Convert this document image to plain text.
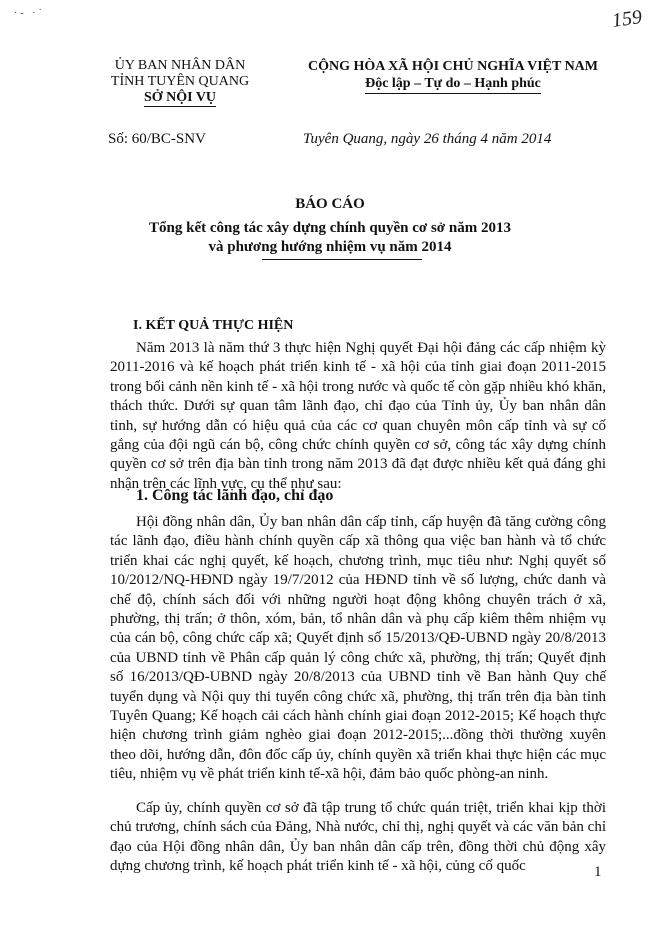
·‐ ·˙	159
ỦY BAN NHÂN DÂN
TỈNH TUYÊN QUANG
SỞ NỘI VỤ
CỘNG HÒA XÃ HỘI CHỦ NGHĨA VIỆT NAM
Độc lập – Tự do – Hạnh phúc
Số: 60/BC-SNV	Tuyên Quang, ngày 26 tháng 4 năm 2014
BÁO CÁO
Tổng kết công tác xây dựng chính quyền cơ sở năm 2013
và phương hướng nhiệm vụ năm 2014
I. KẾT QUẢ THỰC HIỆN

Năm 2013 là năm thứ 3 thực hiện Nghị quyết Đại hội đảng các cấp nhiệm kỳ 2011-2016 và kế hoạch phát triển kinh tế - xã hội của tỉnh giai đoạn 2011-2015 trong bối cảnh nền kinh tế - xã hội trong nước và quốc tế còn gặp nhiều khó khăn, thách thức. Dưới sự quan tâm lãnh đạo, chỉ đạo của Tỉnh ủy, Ủy ban nhân dân tỉnh, sự hướng dẫn có hiệu quả của các cơ quan chuyên môn cấp tỉnh và sự cố gắng của đội ngũ cán bộ, công chức chính quyền cơ sở, công tác xây dựng chính quyền cơ sở trên địa bàn tỉnh trong năm 2013 đã đạt được nhiều kết quả đáng ghi nhận trên các lĩnh vực, cụ thể như sau:

1. Công tác lãnh đạo, chỉ đạo

Hội đồng nhân dân, Ủy ban nhân dân cấp tỉnh, cấp huyện đã tăng cường công tác lãnh đạo, điều hành chính quyền cấp xã thông qua việc ban hành và tổ chức triển khai các nghị quyết, kế hoạch, chương trình, mục tiêu như: Nghị quyết số 10/2012/NQ-HĐND ngày 19/7/2012 của HĐND tỉnh về số lượng, chức danh và chế độ, chính sách đối với những người hoạt động không chuyên trách ở xã, phường, thị trấn; ở thôn, xóm, bản, tổ nhân dân và phụ cấp kiêm thêm nhiệm vụ của cán bộ, công chức cấp xã; Quyết định số 15/2013/QĐ-UBND ngày 20/8/2013 của UBND tỉnh về Phân cấp quản lý công chức xã, phường, thị trấn; Quyết định số 16/2013/QĐ-UBND ngày 20/8/2013 của UBND tỉnh về Ban hành Quy chế tuyển dụng và Nội quy thi tuyển công chức xã, phường, thị trấn trên địa bàn tỉnh Tuyên Quang; Kế hoạch cải cách hành chính giai đoạn 2012-2015; Kế hoạch thực hiện chương trình giảm nghèo giai đoạn 2012-2015;...đồng thời thường xuyên theo dõi, hướng dẫn, đôn đốc cấp ủy, chính quyền xã triển khai thực hiện các mục tiêu, nhiệm vụ về phát triển kinh tế-xã hội, đảm bảo quốc phòng-an ninh.

Cấp ủy, chính quyền cơ sở đã tập trung tổ chức quán triệt, triển khai kịp thời chủ trương, chính sách của Đảng, Nhà nước, chỉ thị, nghị quyết và các văn bản chỉ đạo của Hội đồng nhân dân, Ủy ban nhân dân cấp trên, đồng thời chủ động xây dựng chương trình, kế hoạch phát triển kinh tế - xã hội, củng cố quốc	1
